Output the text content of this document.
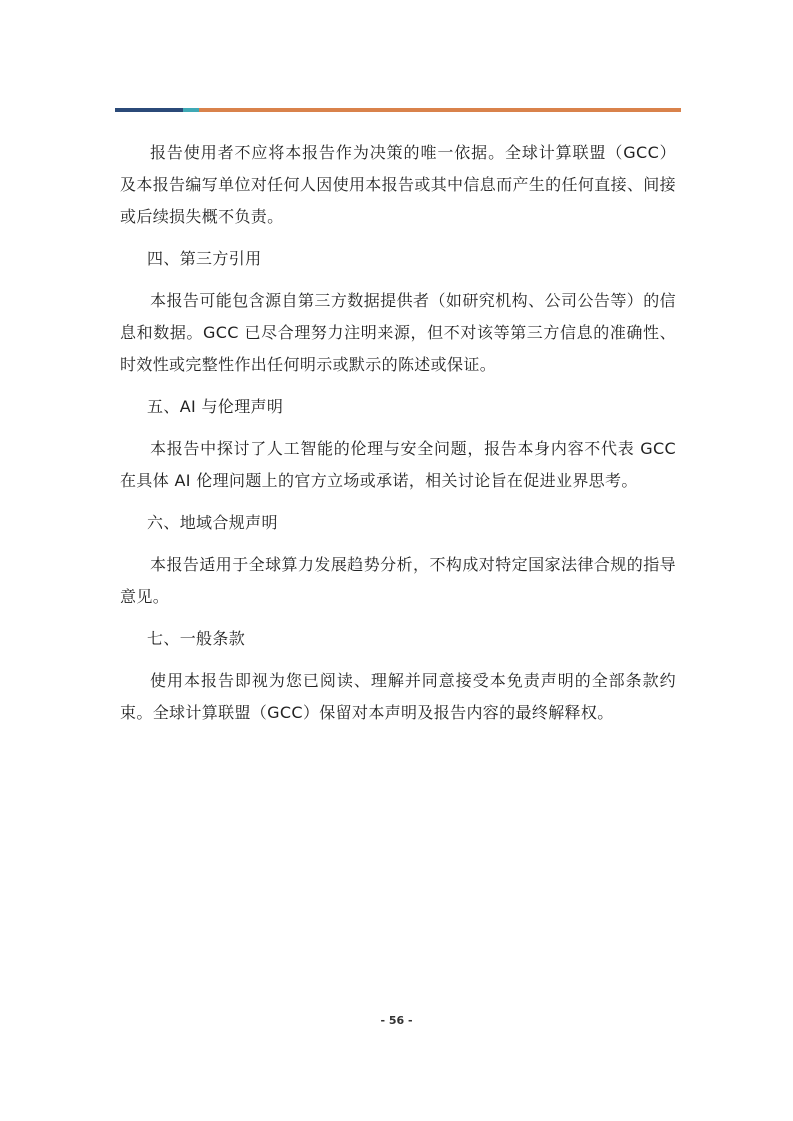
报告使用者不应将本报告作为决策的唯一依据。全球计算联盟（GCC）及本报告编写单位对任何人因使用本报告或其中信息而产生的任何直接、间接或后续损失概不负责。

四、第三方引用

本报告可能包含源自第三方数据提供者（如研究机构、公司公告等）的信息和数据。GCC 已尽合理努力注明来源，但不对该等第三方信息的准确性、时效性或完整性作出任何明示或默示的陈述或保证。

五、AI 与伦理声明

本报告中探讨了人工智能的伦理与安全问题，报告本身内容不代表 GCC 在具体 AI 伦理问题上的官方立场或承诺，相关讨论旨在促进业界思考。

六、地域合规声明

本报告适用于全球算力发展趋势分析，不构成对特定国家法律合规的指导意见。

七、一般条款

使用本报告即视为您已阅读、理解并同意接受本免责声明的全部条款约束。全球计算联盟（GCC）保留对本声明及报告内容的最终解释权。

- 56 -
